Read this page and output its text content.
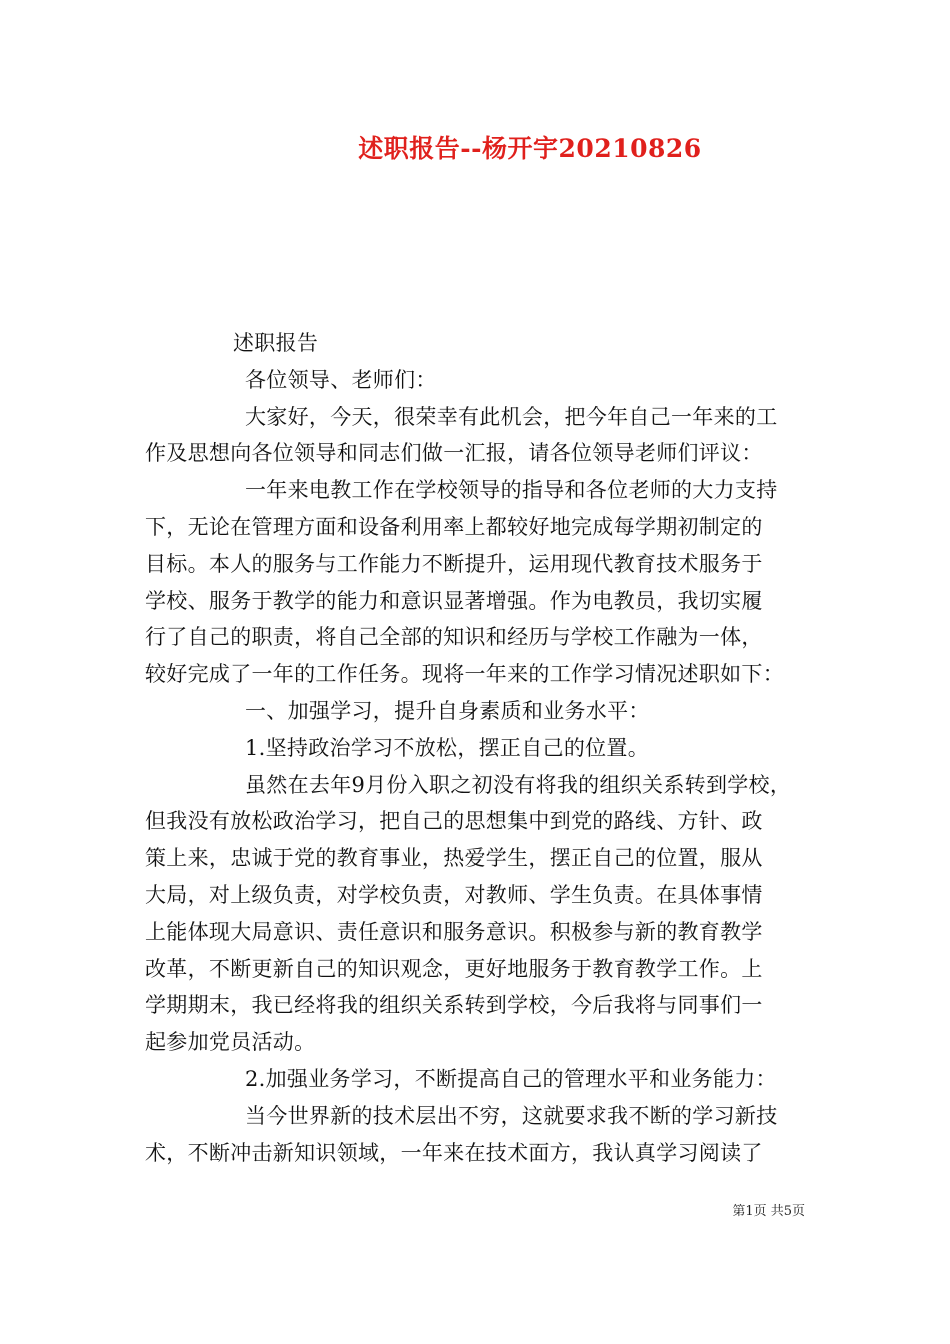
述职报告--杨开宇20210826
述职报告
各位领导、老师们：
大家好，今天，很荣幸有此机会，把今年自己一年来的工
作及思想向各位领导和同志们做一汇报，请各位领导老师们评议：
一年来电教工作在学校领导的指导和各位老师的大力支持
下，无论在管理方面和设备利用率上都较好地完成每学期初制定的
目标。本人的服务与工作能力不断提升，运用现代教育技术服务于
学校、服务于教学的能力和意识显著增强。作为电教员，我切实履
行了自己的职责，将自己全部的知识和经历与学校工作融为一体，
较好完成了一年的工作任务。现将一年来的工作学习情况述职如下：
一、加强学习，提升自身素质和业务水平：
1.坚持政治学习不放松，摆正自己的位置。
虽然在去年9月份入职之初没有将我的组织关系转到学校，
但我没有放松政治学习，把自己的思想集中到党的路线、方针、政
策上来，忠诚于党的教育事业，热爱学生，摆正自己的位置，服从
大局，对上级负责，对学校负责，对教师、学生负责。在具体事情
上能体现大局意识、责任意识和服务意识。积极参与新的教育教学
改革，不断更新自己的知识观念，更好地服务于教育教学工作。上
学期期末，我已经将我的组织关系转到学校，今后我将与同事们一
起参加党员活动。
2.加强业务学习，不断提高自己的管理水平和业务能力：
当今世界新的技术层出不穷，这就要求我不断的学习新技
术，不断冲击新知识领域，一年来在技术面方，我认真学习阅读了
第1页 共5页
